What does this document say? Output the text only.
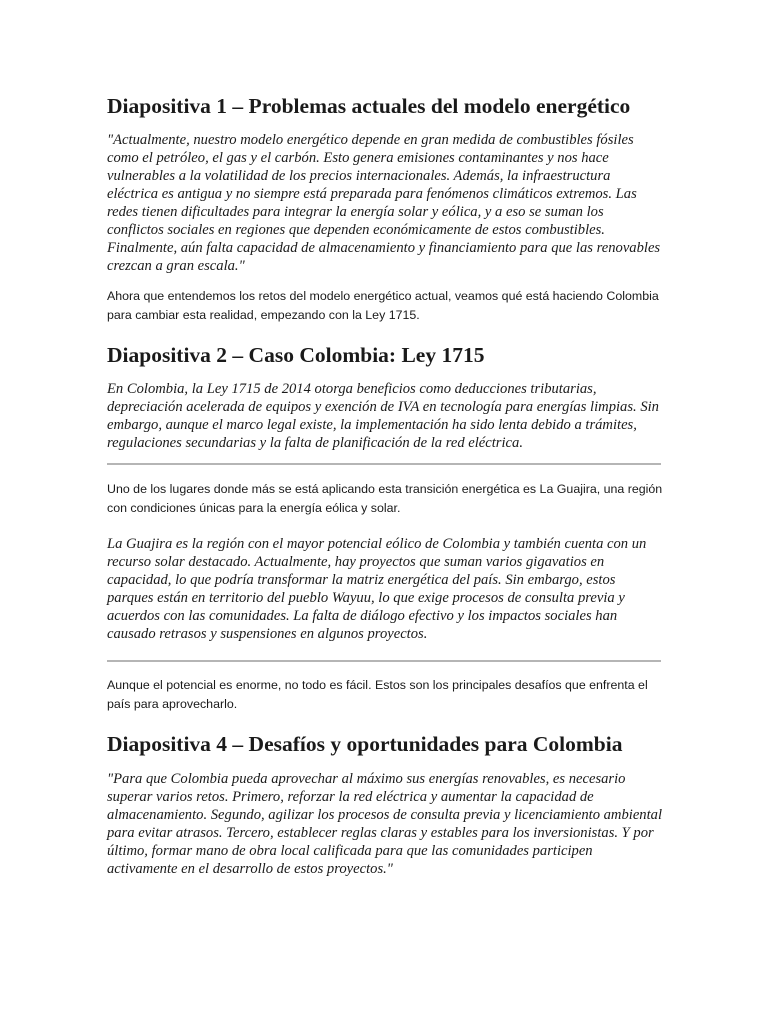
Diapositiva 1 – Problemas actuales del modelo energético

"Actualmente, nuestro modelo energético depende en gran medida de combustibles fósiles como el petróleo, el gas y el carbón. Esto genera emisiones contaminantes y nos hace vulnerables a la volatilidad de los precios internacionales. Además, la infraestructura eléctrica es antigua y no siempre está preparada para fenómenos climáticos extremos. Las redes tienen dificultades para integrar la energía solar y eólica, y a eso se suman los conflictos sociales en regiones que dependen económicamente de estos combustibles. Finalmente, aún falta capacidad de almacenamiento y financiamiento para que las renovables crezcan a gran escala."

Ahora que entendemos los retos del modelo energético actual, veamos qué está haciendo Colombia para cambiar esta realidad, empezando con la Ley 1715.

Diapositiva 2 – Caso Colombia: Ley 1715

En Colombia, la Ley 1715 de 2014 otorga beneficios como deducciones tributarias, depreciación acelerada de equipos y exención de IVA en tecnología para energías limpias. Sin embargo, aunque el marco legal existe, la implementación ha sido lenta debido a trámites, regulaciones secundarias y la falta de planificación de la red eléctrica.

Uno de los lugares donde más se está aplicando esta transición energética es La Guajira, una región con condiciones únicas para la energía eólica y solar.

La Guajira es la región con el mayor potencial eólico de Colombia y también cuenta con un recurso solar destacado. Actualmente, hay proyectos que suman varios gigavatios en capacidad, lo que podría transformar la matriz energética del país. Sin embargo, estos parques están en territorio del pueblo Wayuu, lo que exige procesos de consulta previa y acuerdos con las comunidades. La falta de diálogo efectivo y los impactos sociales han causado retrasos y suspensiones en algunos proyectos.

Aunque el potencial es enorme, no todo es fácil. Estos son los principales desafíos que enfrenta el país para aprovecharlo.

Diapositiva 4 – Desafíos y oportunidades para Colombia

"Para que Colombia pueda aprovechar al máximo sus energías renovables, es necesario superar varios retos. Primero, reforzar la red eléctrica y aumentar la capacidad de almacenamiento. Segundo, agilizar los procesos de consulta previa y licenciamiento ambiental para evitar atrasos. Tercero, establecer reglas claras y estables para los inversionistas. Y por último, formar mano de obra local calificada para que las comunidades participen activamente en el desarrollo de estos proyectos."
